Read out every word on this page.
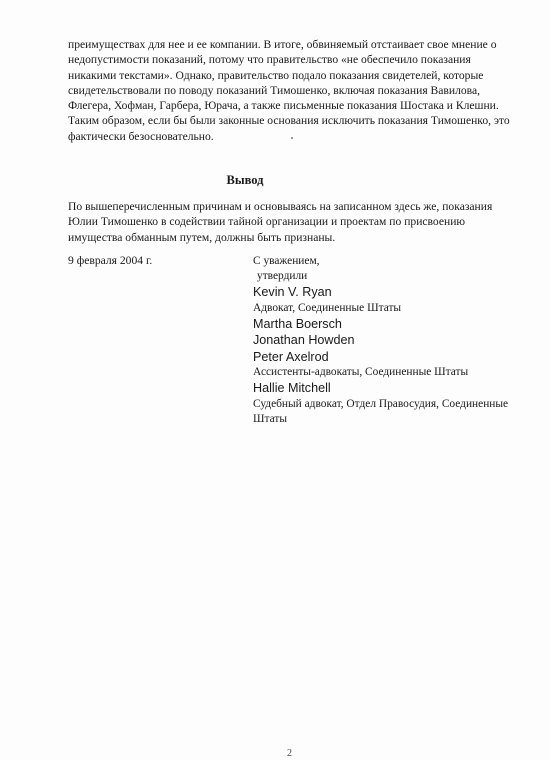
преимуществах для нее и ее компании. В итоге, обвиняемый отстаивает свое мнение о
недопустимости показаний, потому что правительство «не обеспечило показания
никакими текстами». Однако, правительство подало показания свидетелей, которые
свидетельствовали по поводу показаний Тимошенко, включая показания Вавилова,
Флегера, Хофман, Гарбера, Юрача, а также письменные показания Шостака и Клешни.
Таким образом, если бы были законные основания исключить показания Тимошенко, это
фактически безосновательно.

Вывод

По вышеперечисленным причинам и основываясь на записанном здесь же, показания
Юлии Тимошенко в содействии тайной организации и проектам по присвоению
имущества обманным путем, должны быть признаны.

9 февраля 2004 г.	С уважением,
утвердили
Kevin V. Ryan
Адвокат, Соединенные Штаты
Martha Boersch
Jonathan Howden
Peter Axelrod
Ассистенты-адвокаты, Соединенные Штаты
Hallie Mitchell
Судебный адвокат, Отдел Правосудия, Соединенные
Штаты
2
